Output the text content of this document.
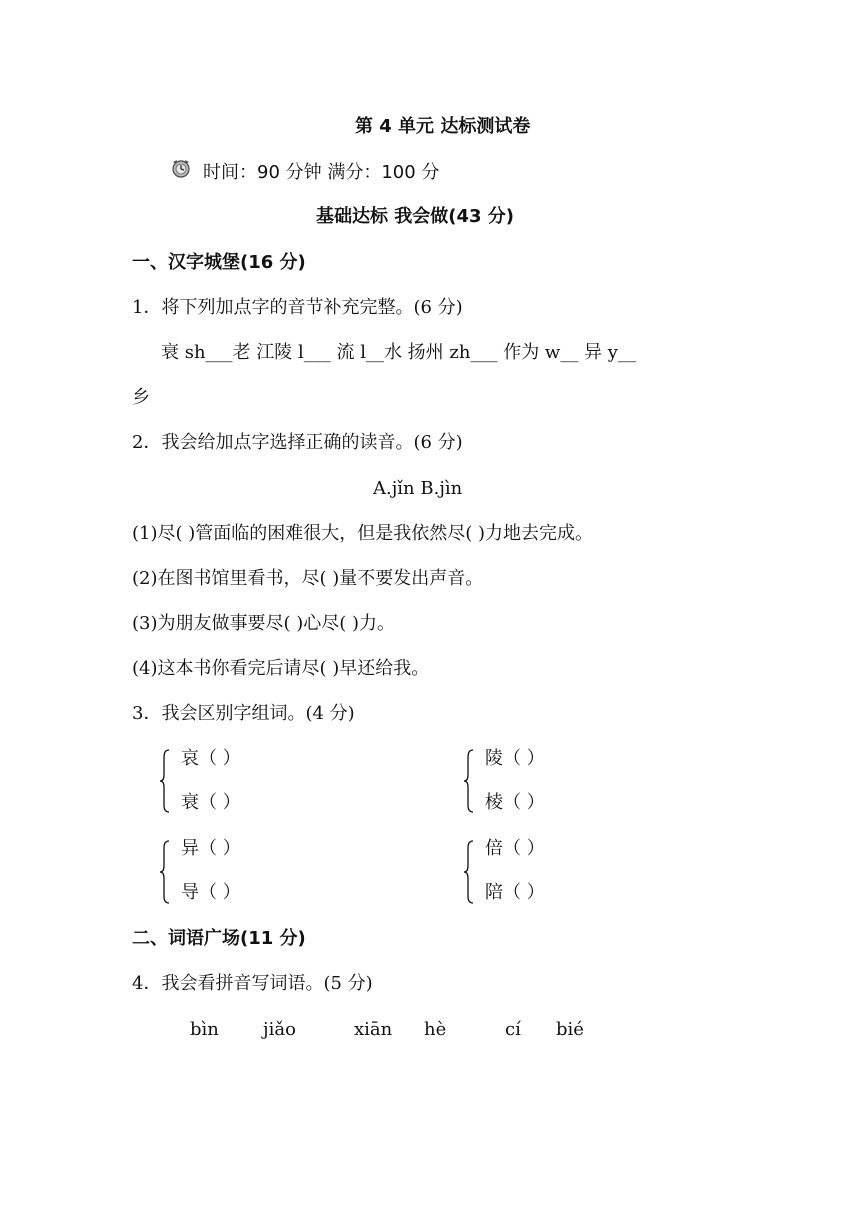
第 4 单元 达标测试卷
时间：90 分钟 满分：100 分
基础达标 我会做(43 分)
一、汉字城堡(16 分)
1．将下列加点字的音节补充完整。(6 分)
衰 sh___老 江陵 l___ 流 l__水 扬州 zh___ 作为 w__ 异 y__
乡
2．我会给加点字选择正确的读音。(6 分)
A.jǐn B.jìn
(1)尽( )管面临的困难很大，但是我依然尽( )力地去完成。
(2)在图书馆里看书，尽( )量不要发出声音。
(3)为朋友做事要尽( )心尽( )力。
(4)这本书你看完后请尽( )早还给我。
3．我会区别字组词。(4 分)
哀（ ）
衰（ ）
陵（ ）
棱（ ）
异（ ）
导（ ）
倍（ ）
陪（ ）
二、词语广场(11 分)
4．我会看拼音写词语。(5 分)
bìn jiǎo	xiān hè	cí bié
